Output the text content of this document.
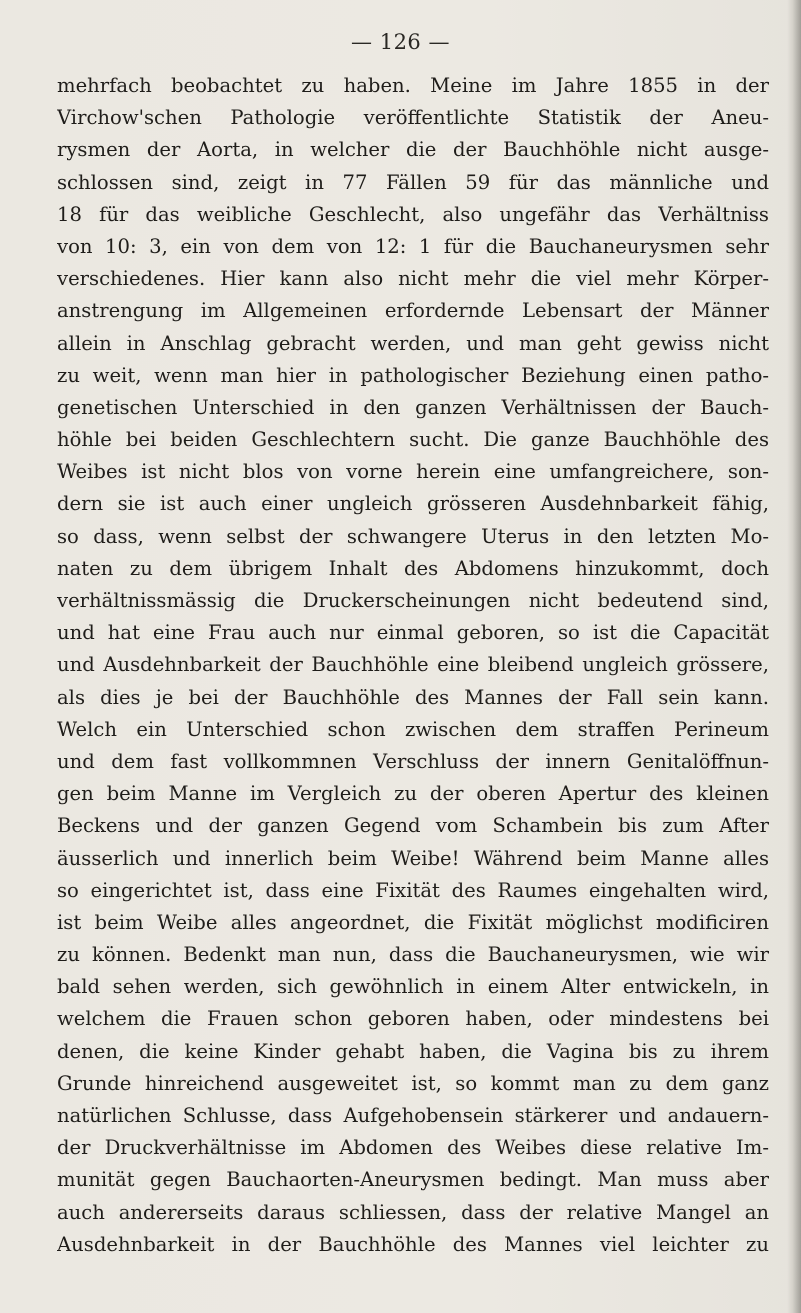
— 126 —
mehrfach beobachtet zu haben. Meine im Jahre 1855 in der
Virchow'schen Pathologie veröffentlichte Statistik der Aneu-
rysmen der Aorta, in welcher die der Bauchhöhle nicht ausge-
schlossen sind, zeigt in 77 Fällen 59 für das männliche und
18 für das weibliche Geschlecht, also ungefähr das Verhältniss
von 10: 3, ein von dem von 12: 1 für die Bauchaneurysmen sehr
verschiedenes. Hier kann also nicht mehr die viel mehr Körper-
anstrengung im Allgemeinen erfordernde Lebensart der Männer
allein in Anschlag gebracht werden, und man geht gewiss nicht
zu weit, wenn man hier in pathologischer Beziehung einen patho-
genetischen Unterschied in den ganzen Verhältnissen der Bauch-
höhle bei beiden Geschlechtern sucht. Die ganze Bauchhöhle des
Weibes ist nicht blos von vorne herein eine umfangreichere, son-
dern sie ist auch einer ungleich grösseren Ausdehnbarkeit fähig,
so dass, wenn selbst der schwangere Uterus in den letzten Mo-
naten zu dem übrigem Inhalt des Abdomens hinzukommt, doch
verhältnissmässig die Druckerscheinungen nicht bedeutend sind,
und hat eine Frau auch nur einmal geboren, so ist die Capacität
und Ausdehnbarkeit der Bauchhöhle eine bleibend ungleich grössere,
als dies je bei der Bauchhöhle des Mannes der Fall sein kann.
Welch ein Unterschied schon zwischen dem straffen Perineum
und dem fast vollkommnen Verschluss der innern Genitalöffnun-
gen beim Manne im Vergleich zu der oberen Apertur des kleinen
Beckens und der ganzen Gegend vom Schambein bis zum After
äusserlich und innerlich beim Weibe! Während beim Manne alles
so eingerichtet ist, dass eine Fixität des Raumes eingehalten wird,
ist beim Weibe alles angeordnet, die Fixität möglichst modificiren
zu können. Bedenkt man nun, dass die Bauchaneurysmen, wie wir
bald sehen werden, sich gewöhnlich in einem Alter entwickeln, in
welchem die Frauen schon geboren haben, oder mindestens bei
denen, die keine Kinder gehabt haben, die Vagina bis zu ihrem
Grunde hinreichend ausgeweitet ist, so kommt man zu dem ganz
natürlichen Schlusse, dass Aufgehobensein stärkerer und andauern-
der Druckverhältnisse im Abdomen des Weibes diese relative Im-
munität gegen Bauchaorten-Aneurysmen bedingt. Man muss aber
auch andererseits daraus schliessen, dass der relative Mangel an
Ausdehnbarkeit in der Bauchhöhle des Mannes viel leichter zu
